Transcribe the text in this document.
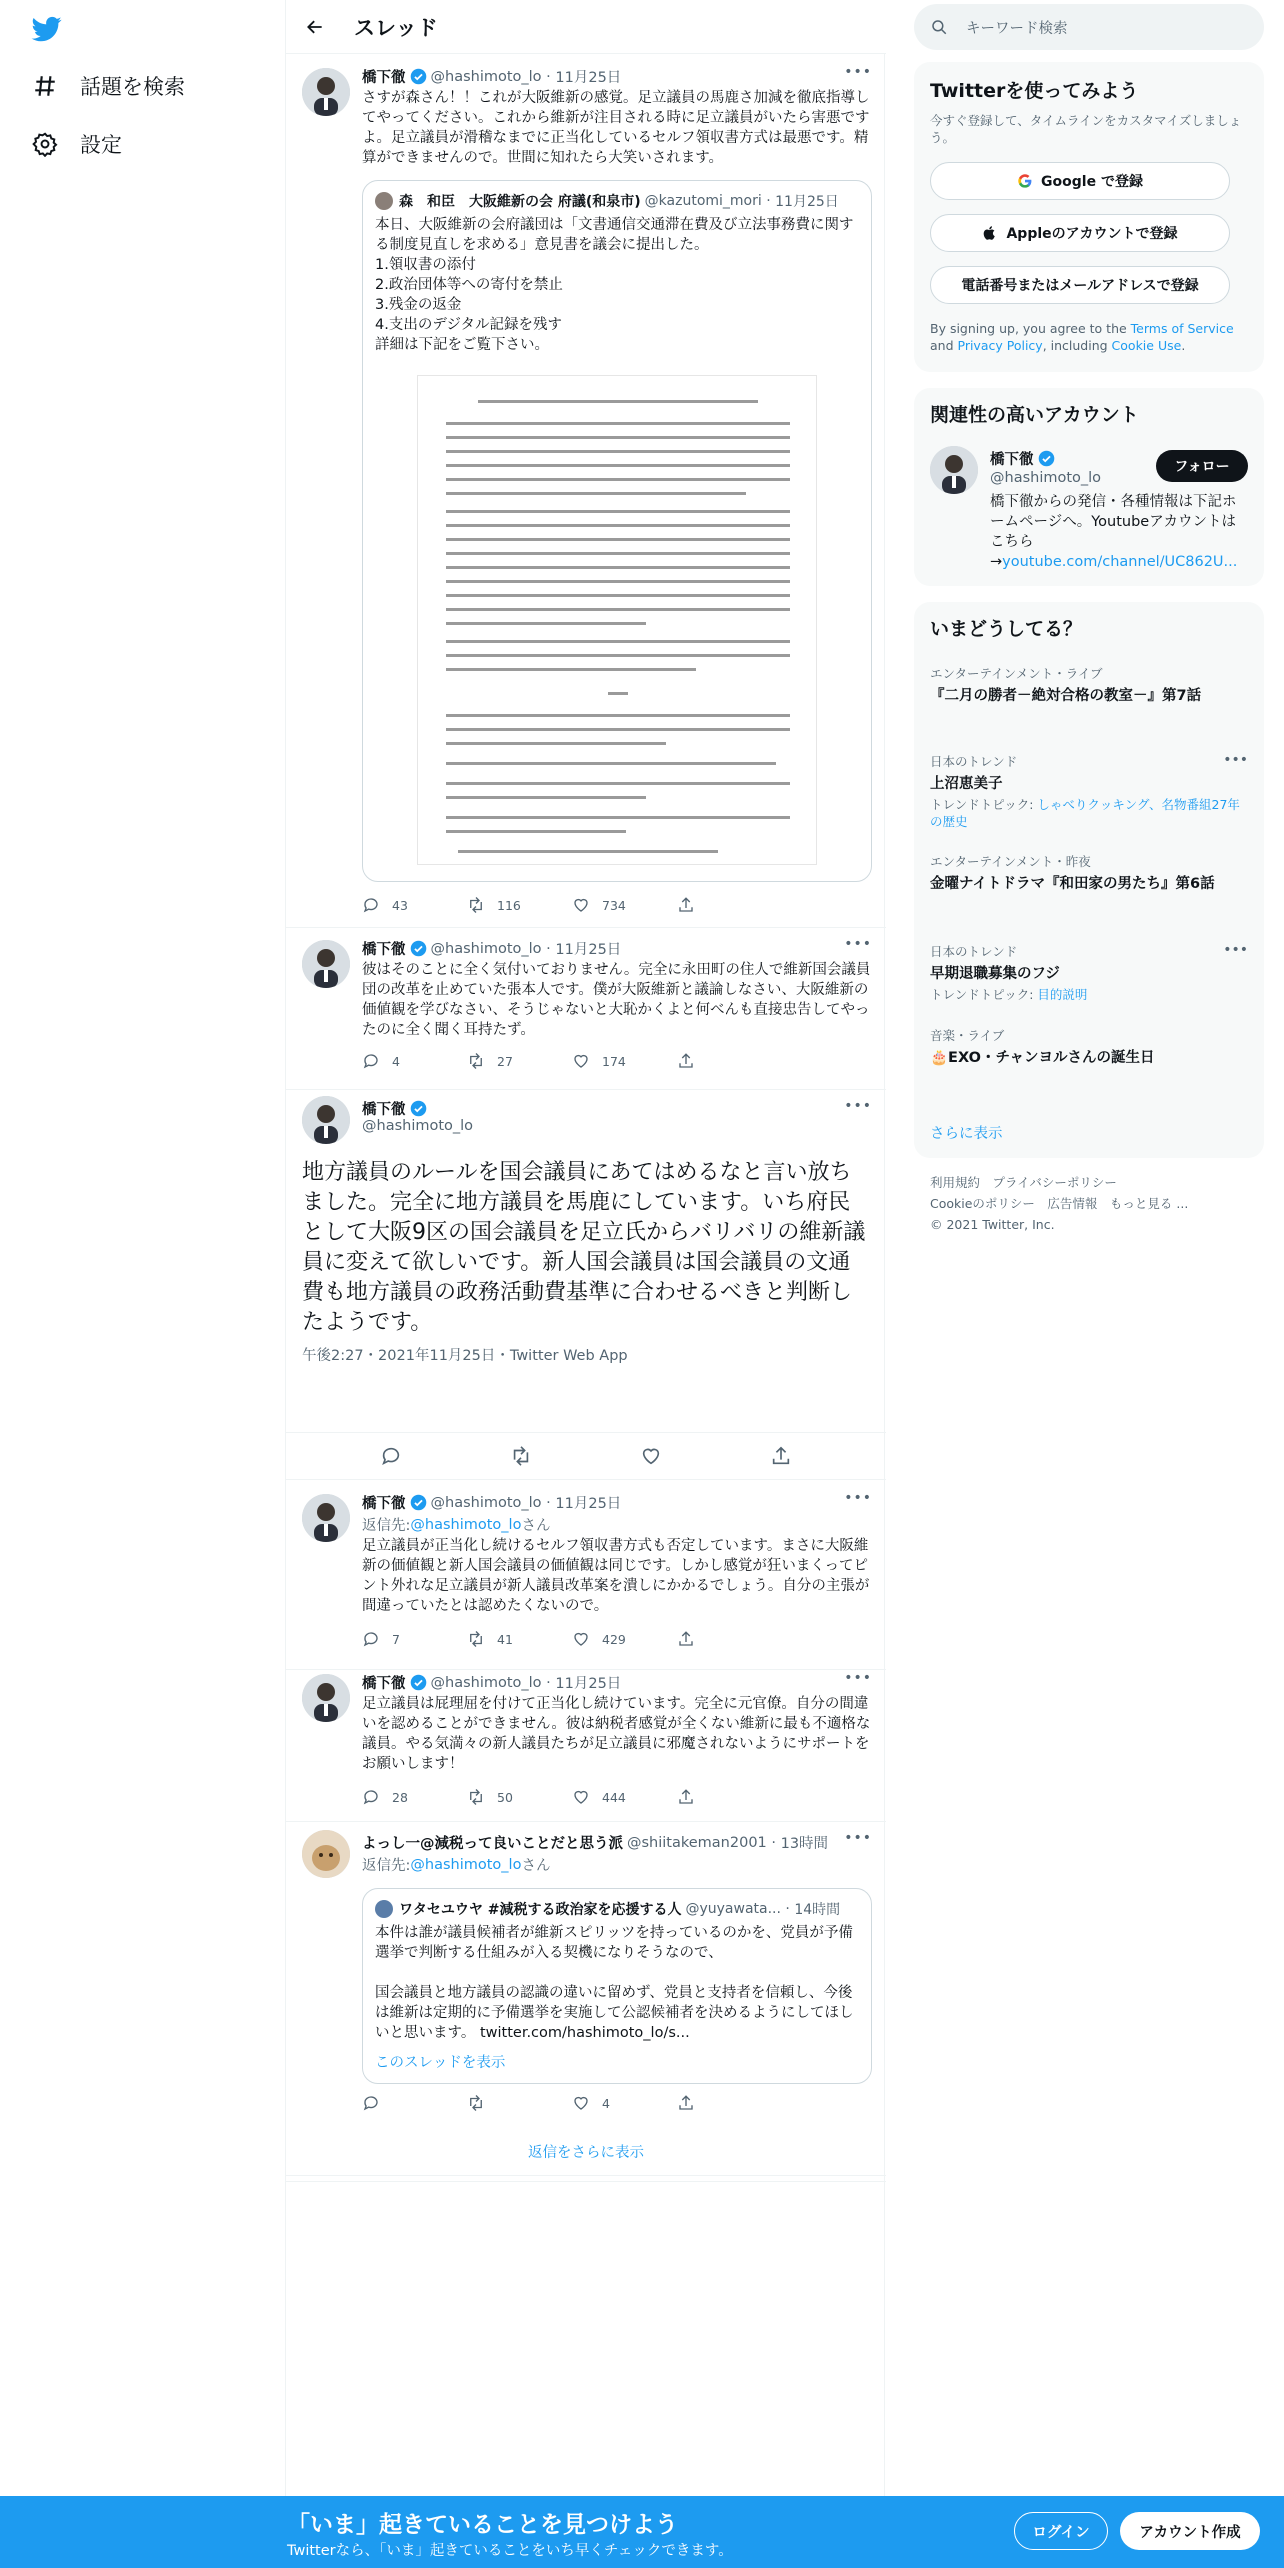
話題を検索
設定
スレッド
橋下徹 @hashimoto_lo · 11月25日	•••
さすが森さん！！これが大阪維新の感覚。足立議員の馬鹿さ加減を徹底指導してやってください。これから維新が注目される時に足立議員がいたら害悪ですよ。足立議員が滑稽なまでに正当化しているセルフ領収書方式は最悪です。精算ができませんので。世間に知れたら大笑いされます。
森　和臣　大阪維新の会 府議(和泉市) @kazutomi_mori · 11月25日
本日、大阪維新の会府議団は「文書通信交通滞在費及び立法事務費に関する制度見直しを求める」意見書を議会に提出した。
1.領収書の添付
2.政治団体等への寄付を禁止
3.残金の返金
4.支出のデジタル記録を残す
詳細は下記をご覧下さい。
43	116	734
橋下徹 @hashimoto_lo · 11月25日	•••
彼はそのことに全く気付いておりません。完全に永田町の住人で維新国会議員団の改革を止めていた張本人です。僕が大阪維新と議論しなさい、大阪維新の価値観を学びなさい、そうじゃないと大恥かくよと何べんも直接忠告してやったのに全く聞く耳持たず。
4	27	174
橋下徹
@hashimoto_lo
•••
地方議員のルールを国会議員にあてはめるなと言い放ちました。完全に地方議員を馬鹿にしています。いち府民として大阪9区の国会議員を足立氏からバリバリの維新議員に変えて欲しいです。新人国会議員は国会議員の文通費も地方議員の政務活動費基準に合わせるべきと判断したようです。
午後2:27・2021年11月25日・Twitter Web App
橋下徹 @hashimoto_lo · 11月25日	•••
返信先: @hashimoto_lo さん
足立議員が正当化し続けるセルフ領収書方式も否定しています。まさに大阪維新の価値観と新人国会議員の価値観は同じです。しかし感覚が狂いまくってピント外れな足立議員が新人議員改革案を潰しにかかるでしょう。自分の主張が間違っていたとは認めたくないので。
7	41	429
橋下徹 @hashimoto_lo · 11月25日	•••
足立議員は屁理屈を付けて正当化し続けています。完全に元官僚。自分の間違いを認めることができません。彼は納税者感覚が全くない維新に最も不適格な議員。やる気満々の新人議員たちが足立議員に邪魔されないようにサポートをお願いします！
28	50	444
よっし一@減税って良いことだと思う派 @shiitakeman2001 · 13時間 •••
返信先: @hashimoto_lo さん
ワタセユウヤ #減税する政治家を応援する人 @yuyawata... · 14時間
本件は誰が議員候補者が維新スピリッツを持っているのかを、党員が予備選挙で判断する仕組みが入る契機になりそうなので、

国会議員と地方議員の認識の違いに留めず、党員と支持者を信頼し、今後は維新は定期的に予備選挙を実施して公認候補者を決めるようにしてほしいと思います。 twitter.com/hashimoto_lo/s...
このスレッドを表示
4
返信をさらに表示
キーワード検索
Twitterを使ってみよう
今すぐ登録して、タイムラインをカスタマイズしましょう。
Google で登録
Appleのアカウントで登録
電話番号またはメールアドレスで登録
By signing up, you agree to the Terms of Service and Privacy Policy, including Cookie Use.
関連性の高いアカウント
橋下徹
@hashimoto_lo
フォロー
橋下徹からの発信・各種情報は下記ホームページへ。Youtubeアカウントはこちら
→youtube.com/channel/UC862U...
いまどうしてる？
エンターテインメント・ライブ
『二月の勝者－絶対合格の教室－』第7話
日本のトレンド	•••
上沼恵美子
トレンドトピック: しゃべりクッキング、名物番組27年の歴史
エンターテインメント・昨夜
金曜ナイトドラマ『和田家の男たち』第6話
日本のトレンド	•••
早期退職募集のフジ
トレンドトピック: 目的説明
音楽・ライブ
🎂EXO・チャンヨルさんの誕生日
さらに表示
利用規約　プライバシーポリシー
Cookieのポリシー　広告情報　もっと見る ...
© 2021 Twitter, Inc.
「いま」起きていることを見つけよう
Twitterなら、「いま」起きていることをいち早くチェックできます。
ログイン	アカウント作成
